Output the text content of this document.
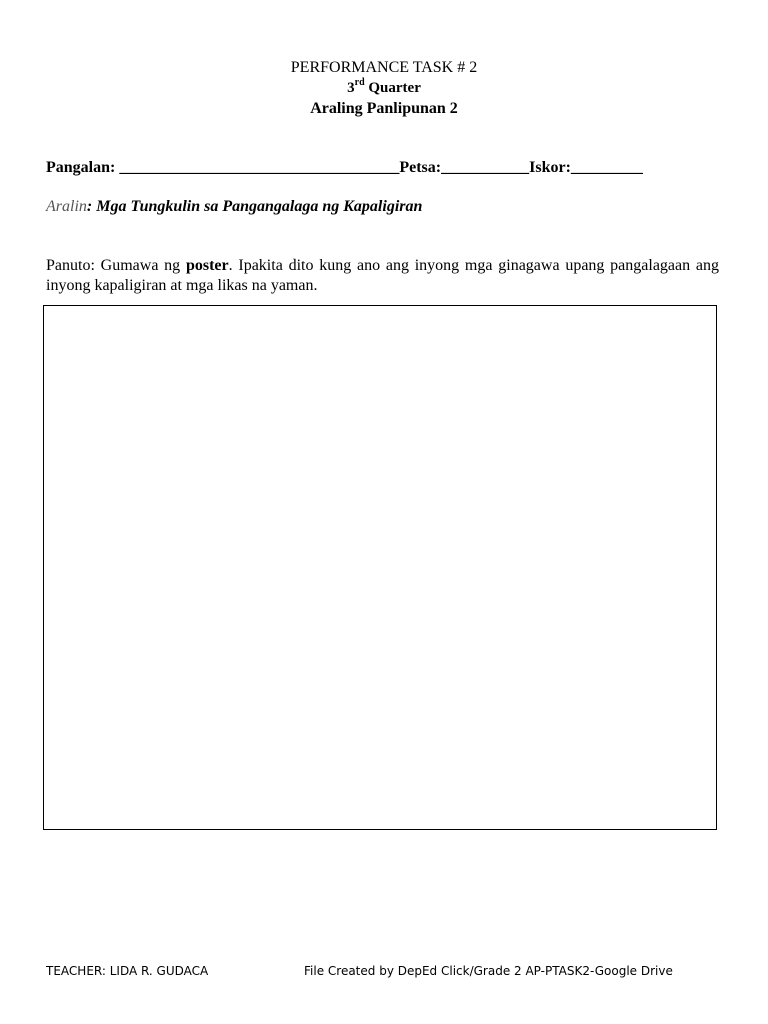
PERFORMANCE TASK # 2
3rd Quarter
Araling Panlipunan 2
Pangalan: ___________________________________Petsa:___________Iskor:_________
Aralin: Mga Tungkulin sa Pangangalaga ng Kapaligiran
Panuto: Gumawa ng poster. Ipakita dito kung ano ang inyong mga ginagawa upang pangalagaan ang inyong kapaligiran at mga likas na yaman.
TEACHER: LIDA R. GUDACA	File Created by DepEd Click/Grade 2 AP-PTASK2-Google Drive
